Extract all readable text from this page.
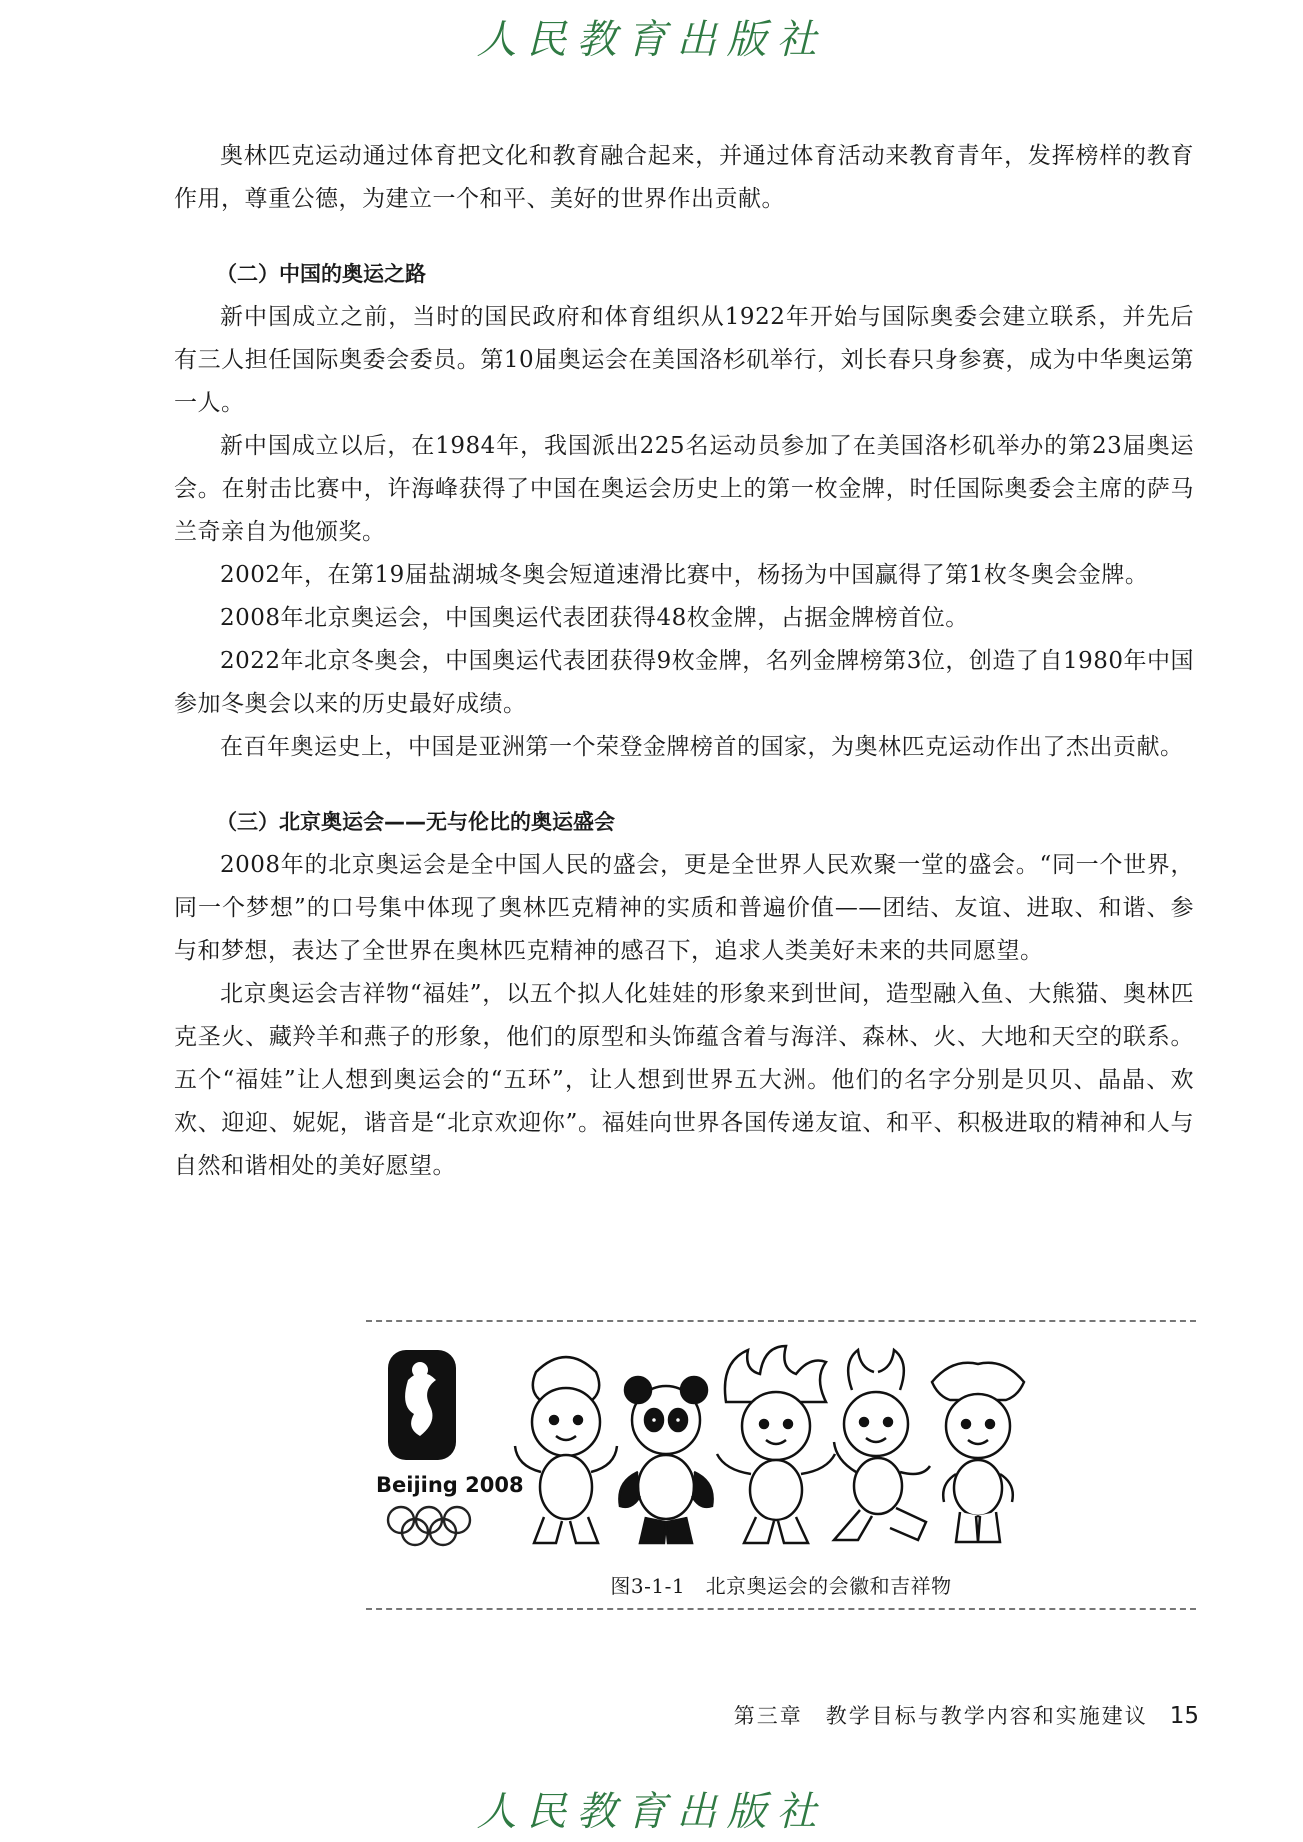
人民教育出版社

奥林匹克运动通过体育把文化和教育融合起来，并通过体育活动来教育青年，发挥榜样的教育作用，尊重公德，为建立一个和平、美好的世界作出贡献。

（二）中国的奥运之路

新中国成立之前，当时的国民政府和体育组织从1922年开始与国际奥委会建立联系，并先后有三人担任国际奥委会委员。第10届奥运会在美国洛杉矶举行，刘长春只身参赛，成为中华奥运第一人。

新中国成立以后，在1984年，我国派出225名运动员参加了在美国洛杉矶举办的第23届奥运会。在射击比赛中，许海峰获得了中国在奥运会历史上的第一枚金牌，时任国际奥委会主席的萨马兰奇亲自为他颁奖。

2002年，在第19届盐湖城冬奥会短道速滑比赛中，杨扬为中国赢得了第1枚冬奥会金牌。

2008年北京奥运会，中国奥运代表团获得48枚金牌，占据金牌榜首位。

2022年北京冬奥会，中国奥运代表团获得9枚金牌，名列金牌榜第3位，创造了自1980年中国参加冬奥会以来的历史最好成绩。

在百年奥运史上，中国是亚洲第一个荣登金牌榜首的国家，为奥林匹克运动作出了杰出贡献。

（三）北京奥运会——无与伦比的奥运盛会

2008年的北京奥运会是全中国人民的盛会，更是全世界人民欢聚一堂的盛会。“同一个世界，同一个梦想”的口号集中体现了奥林匹克精神的实质和普遍价值——团结、友谊、进取、和谐、参与和梦想，表达了全世界在奥林匹克精神的感召下，追求人类美好未来的共同愿望。

北京奥运会吉祥物“福娃”，以五个拟人化娃娃的形象来到世间，造型融入鱼、大熊猫、奥林匹克圣火、藏羚羊和燕子的形象，他们的原型和头饰蕴含着与海洋、森林、火、大地和天空的联系。五个“福娃”让人想到奥运会的“五环”，让人想到世界五大洲。他们的名字分别是贝贝、晶晶、欢欢、迎迎、妮妮，谐音是“北京欢迎你”。福娃向世界各国传递友谊、和平、积极进取的精神和人与自然和谐相处的美好愿望。

Beijing 2008
图3-1-1　北京奥运会的会徽和吉祥物
第三章　教学目标与教学内容和实施建议 15
人民教育出版社
